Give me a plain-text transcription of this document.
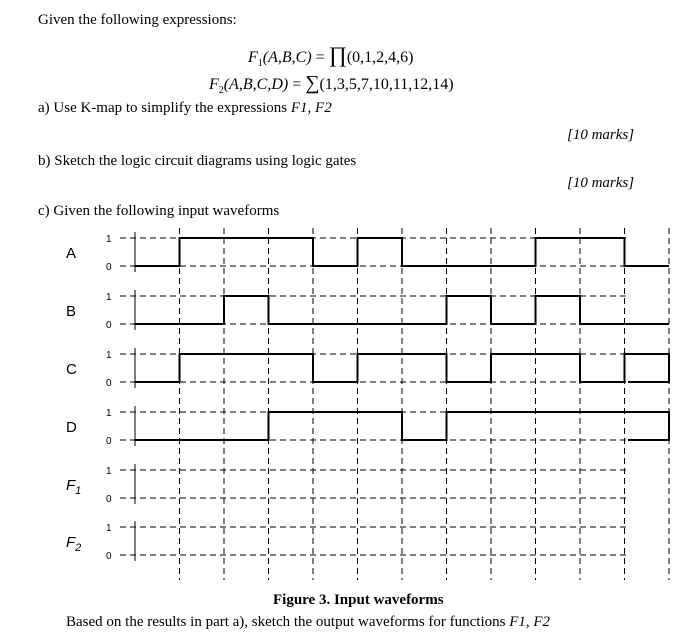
Given the following expressions:
$F_1(A,B,C)$ = ∏(0,1,2,4,6)
$F_2(A,B,C,D) = \sum(1,3,5,7,10,11,12,14)$
a) Use K-map to simplify the expressions F1, F2
[10 marks]
b) Sketch the logic circuit diagrams using logic gates
[10 marks]
c) Given the following input waveforms
1
0
A
1
0
B
1
0
C
1
0
D
1
0
$F_1$
1
0
$F_2$
Figure 3. Input waveforms
Based on the results in part a), sketch the output waveforms for functions F1, F2
